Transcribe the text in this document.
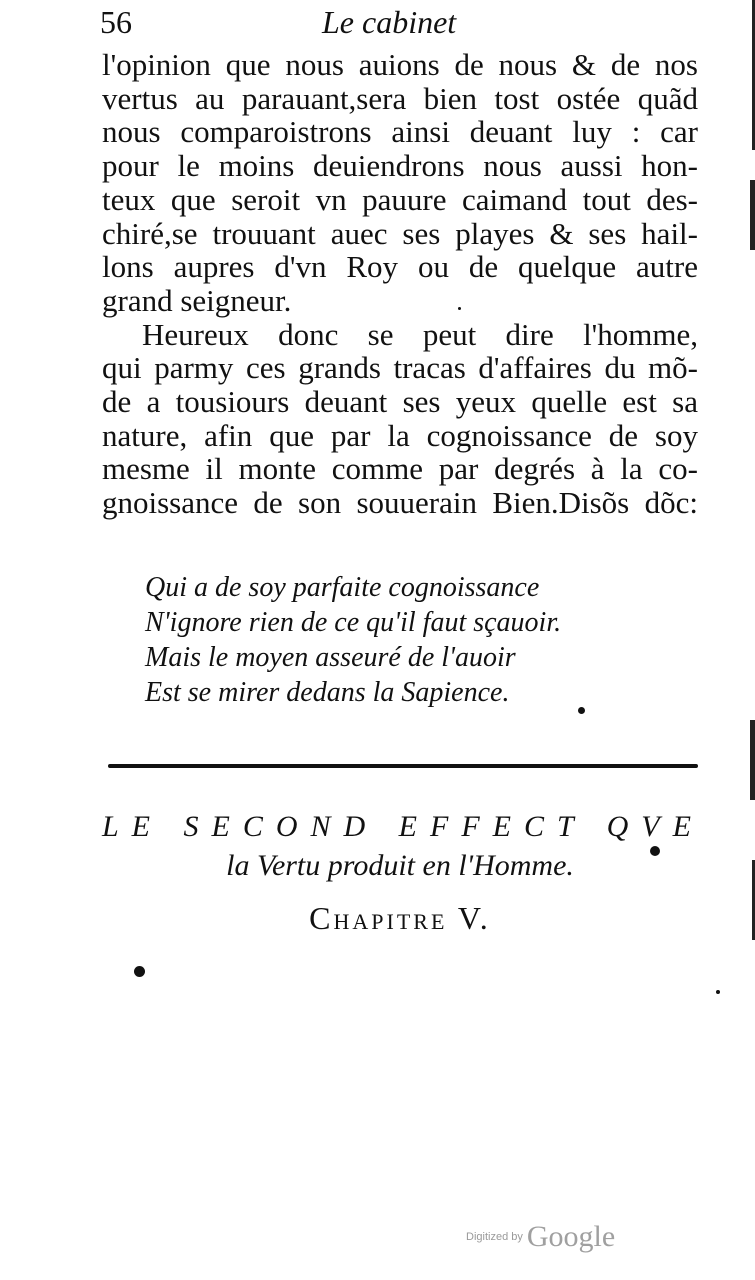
56	Le cabinet
l'opinion que nous auions de nous & de nos
vertus au parauant,sera bien tost ostée quãd
nous comparoistrons ainsi deuant luy : car
pour le moins deuiendrons nous aussi hon-
teux que seroit vn pauure caimand tout des-
chiré,se trouuant auec ses playes & ses hail-
lons aupres d'vn Roy ou de quelque autre
grand seigneur.
Heureux donc se peut dire l'homme,
qui parmy ces grands tracas d'affaires du mõ-
de a tousiours deuant ses yeux quelle est sa
nature, afin que par la cognoissance de soy
mesme il monte comme par degrés à la co-
gnoissance de son souuerain Bien.Disõs dõc:
Qui a de soy parfaite cognoissance
N'ignore rien de ce qu'il faut sçauoir.
Mais le moyen asseuré de l'auoir
Est se mirer dedans la Sapience.
LE SECOND EFFECT QVE
la Vertu produit en l'Homme.
Chapitre V.
Digitized by Google
